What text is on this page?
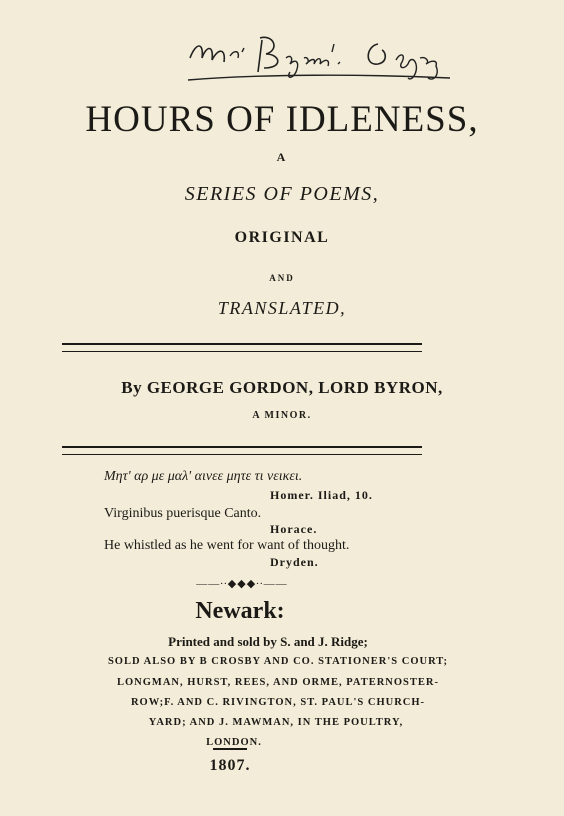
HOURS OF IDLENESS,
A
SERIES OF POEMS,
ORIGINAL
AND
TRANSLATED,
By GEORGE GORDON, LORD BYRON,
A MINOR.
Μητ' αρ με μαλ' αινεε μητε τι νεικει.
Homer. Iliad, 10.
Virginibus puerisque Canto.
Horace.
He whistled as he went for want of thought.
Dryden.
——∙∙◆◆◆∙∙——
Newark:
Printed and sold by S. and J. Ridge;
SOLD ALSO BY B CROSBY AND CO. STATIONER'S COURT;
LONGMAN, HURST, REES, AND ORME, PATERNOSTER-
ROW;F. AND C. RIVINGTON, ST. PAUL'S CHURCH-
YARD; AND J. MAWMAN, IN THE POULTRY,
LONDON.
1807.
